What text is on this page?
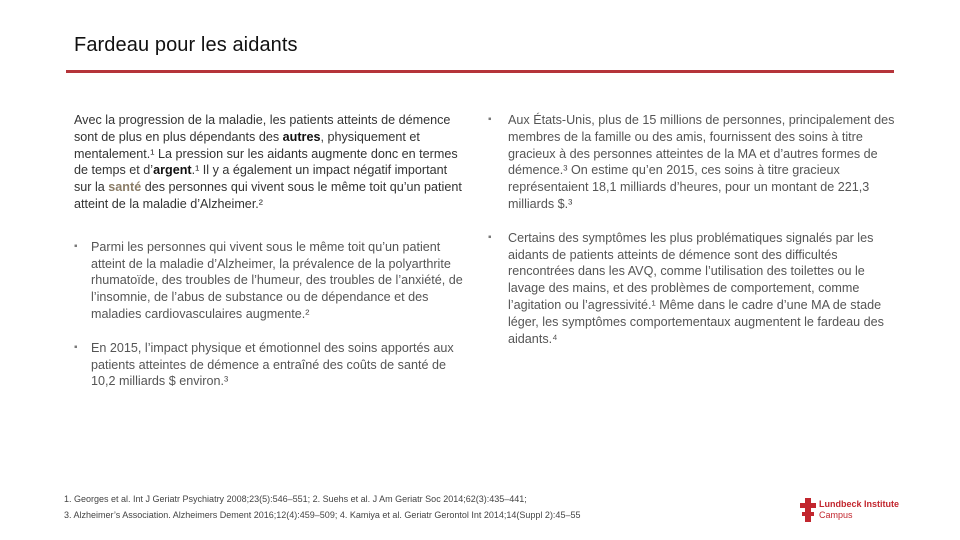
Fardeau pour les aidants

Avec la progression de la maladie, les patients atteints de démence sont de plus en plus dépendants des autres, physiquement et mentalement.¹ La pression sur les aidants augmente donc en termes de temps et d’argent.¹ Il y a également un impact négatif important sur la santé des personnes qui vivent sous le même toit qu’un patient atteint de la maladie d’Alzheimer.²

▪ Parmi les personnes qui vivent sous le même toit qu’un patient atteint de la maladie d’Alzheimer, la prévalence de la polyarthrite rhumatoïde, des troubles de l’humeur, des troubles de l’anxiété, de l’insomnie, de l’abus de substance ou de dépendance et des maladies cardiovasculaires augmente.²
▪ En 2015, l’impact physique et émotionnel des soins apportés aux patients atteintes de démence a entraîné des coûts de santé de 10,2 milliards $ environ.³
▪ Aux États-Unis, plus de 15 millions de personnes, principalement des membres de la famille ou des amis, fournissent des soins à titre gracieux à des personnes atteintes de la MA et d’autres formes de démence.³ On estime qu’en 2015, ces soins à titre gracieux représentaient 18,1 milliards d’heures, pour un montant de 221,3 milliards $.³
▪ Certains des symptômes les plus problématiques signalés par les aidants de patients atteints de démence sont des difficultés rencontrées dans les AVQ, comme l’utilisation des toilettes ou le lavage des mains, et des problèmes de comportement, comme l’agitation ou l’agressivité.¹ Même dans le cadre d’une MA de stade léger, les symptômes comportementaux augmentent le fardeau des aidants.⁴
1. Georges et al. Int J Geriatr Psychiatry 2008;23(5):546–551; 2. Suehs et al. J Am Geriatr Soc 2014;62(3):435–441;
3. Alzheimer’s Association. Alzheimers Dement 2016;12(4):459–509; 4. Kamiya et al. Geriatr Gerontol Int 2014;14(Suppl 2):45–55
Lundbeck Institute
Campus
